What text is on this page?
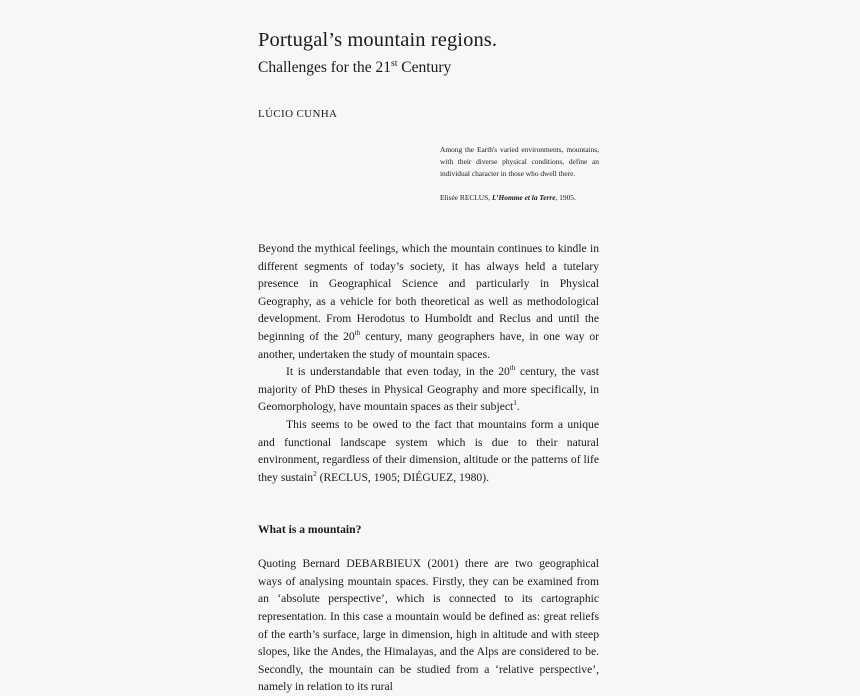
Portugal’s mountain regions.
Challenges for the 21st Century
LÚCIO CUNHA

Among the Earth's varied environments, mountains, with their diverse physical conditions, define an individual character in those who dwell there.

Elisée RECLUS, L’Homme et la Terre, 1905.

Beyond the mythical feelings, which the mountain continues to kindle in different segments of today’s society, it has always held a tutelary presence in Geographical Science and particularly in Physical Geography, as a vehicle for both theoretical as well as methodological development. From Herodotus to Humboldt and Reclus and until the beginning of the 20th century, many geographers have, in one way or another, undertaken the study of mountain spaces.

It is understandable that even today, in the 20th century, the vast majority of PhD theses in Physical Geography and more specifically, in Geomorphology, have mountain spaces as their subject$^1$.

This seems to be owed to the fact that mountains form a unique and functional landscape system which is due to their natural environment, regardless of their dimension, altitude or the patterns of life they sustain$^2$ (RECLUS, 1905; DIÉGUEZ, 1980).

What is a mountain?

Quoting Bernard DEBARBIEUX (2001) there are two geographical ways of analysing mountain spaces. Firstly, they can be examined from an ‘absolute perspective’, which is connected to its cartographic representation. In this case a mountain would be defined as: great reliefs of the earth’s surface, large in dimension, high in altitude and with steep slopes, like the Andes, the Himalayas, and the Alps are considered to be. Secondly, the mountain can be studied from a ‘relative perspective’, namely in relation to its rural
